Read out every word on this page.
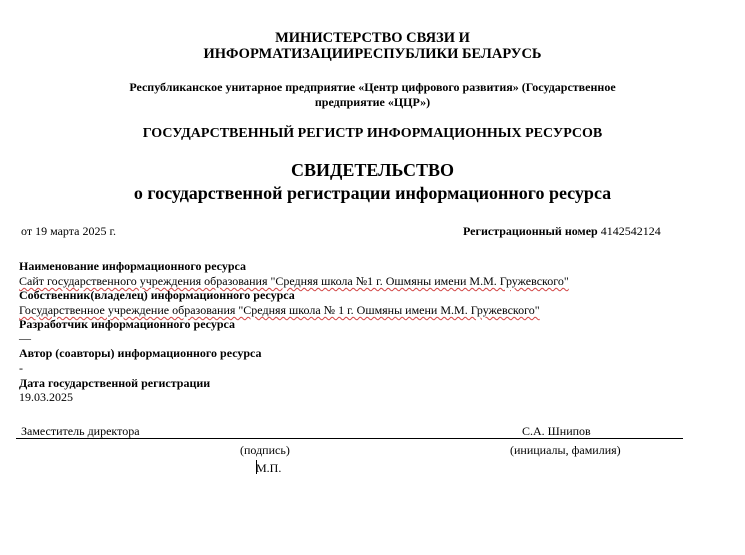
МИНИСТЕРСТВО СВЯЗИ И
ИНФОРМАТИЗАЦИИРЕСПУБЛИКИ БЕЛАРУСЬ
Республиканское унитарное предприятие «Центр цифрового развития» (Государственное
предприятие «ЦЦР»)
ГОСУДАРСТВЕННЫЙ РЕГИСТР ИНФОРМАЦИОННЫХ РЕСУРСОВ
СВИДЕТЕЛЬСТВО
о государственной регистрации информационного ресурса
от 19 марта 2025 г.	Регистрационный номер 4142542124
Наименование информационного ресурса
Сайт государственного учреждения образования "Средняя школа №1 г. Ошмяны имени М.М. Гружевского"
Собственник(владелец) информационного ресурса
Государственное учреждение образования "Средняя школа № 1 г. Ошмяны имени М.М. Гружевского"
Разработчик информационного ресурса
—
Автор (соавторы) информационного ресурса
-
Дата государственной регистрации
19.03.2025
Заместитель директора	С.А. Шнипов
(подпись)	(инициалы, фамилия)
М.П.
